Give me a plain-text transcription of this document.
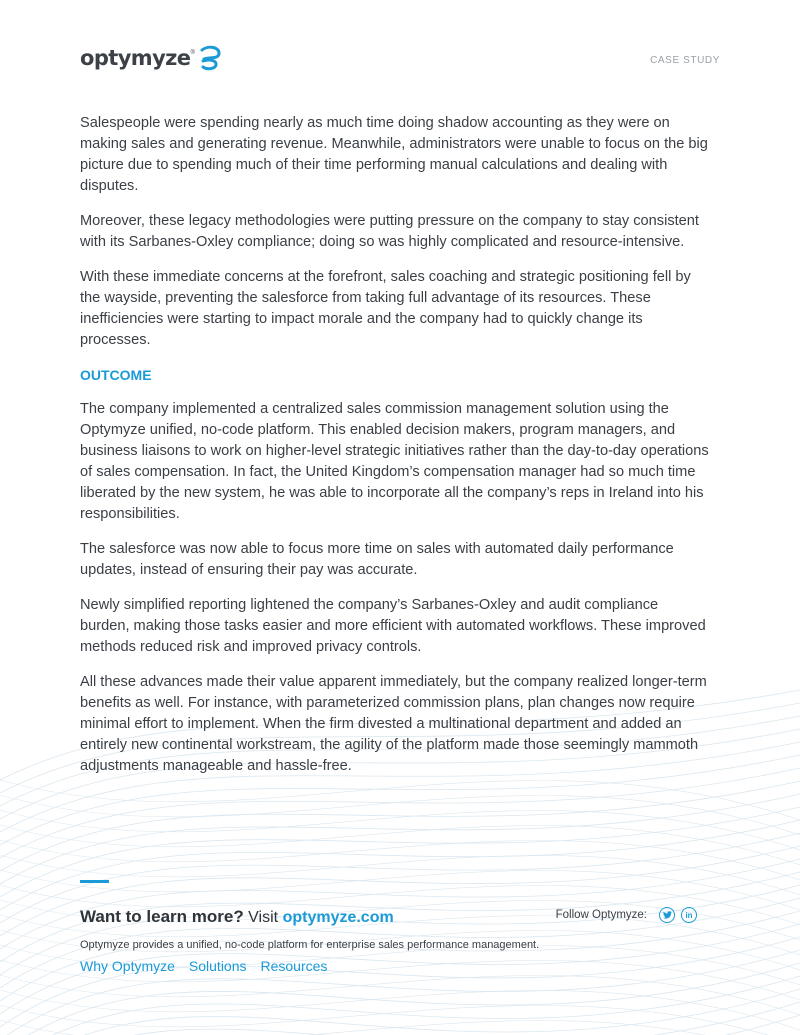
optymyze ®
CASE STUDY

Salespeople were spending nearly as much time doing shadow accounting as they were on making sales and generating revenue. Meanwhile, administrators were unable to focus on the big picture due to spending much of their time performing manual calculations and dealing with disputes.

Moreover, these legacy methodologies were putting pressure on the company to stay consistent with its Sarbanes-Oxley compliance; doing so was highly complicated and resource-intensive.

With these immediate concerns at the forefront, sales coaching and strategic positioning fell by the wayside, preventing the salesforce from taking full advantage of its resources. These inefficiencies were starting to impact morale and the company had to quickly change its processes.

OUTCOME

The company implemented a centralized sales commission management solution using the Optymyze unified, no-code platform. This enabled decision makers, program managers, and business liaisons to work on higher-level strategic initiatives rather than the day-to-day operations of sales compensation. In fact, the United Kingdom’s compensation manager had so much time liberated by the new system, he was able to incorporate all the company’s reps in Ireland into his responsibilities.

The salesforce was now able to focus more time on sales with automated daily performance updates, instead of ensuring their pay was accurate.

Newly simplified reporting lightened the company’s Sarbanes-Oxley and audit compliance burden, making those tasks easier and more efficient with automated workflows. These improved methods reduced risk and improved privacy controls.

All these advances made their value apparent immediately, but the company realized longer-term benefits as well. For instance, with parameterized commission plans, plan changes now require minimal effort to implement. When the firm divested a multinational department and added an entirely new continental workstream, the agility of the platform made those seemingly mammoth adjustments manageable and hassle-free.

Want to learn more? Visit optymyze.com	Follow Optymyze:	in
Optymyze provides a unified, no-code platform for enterprise sales performance management.
Why Optymyze Solutions Resources
